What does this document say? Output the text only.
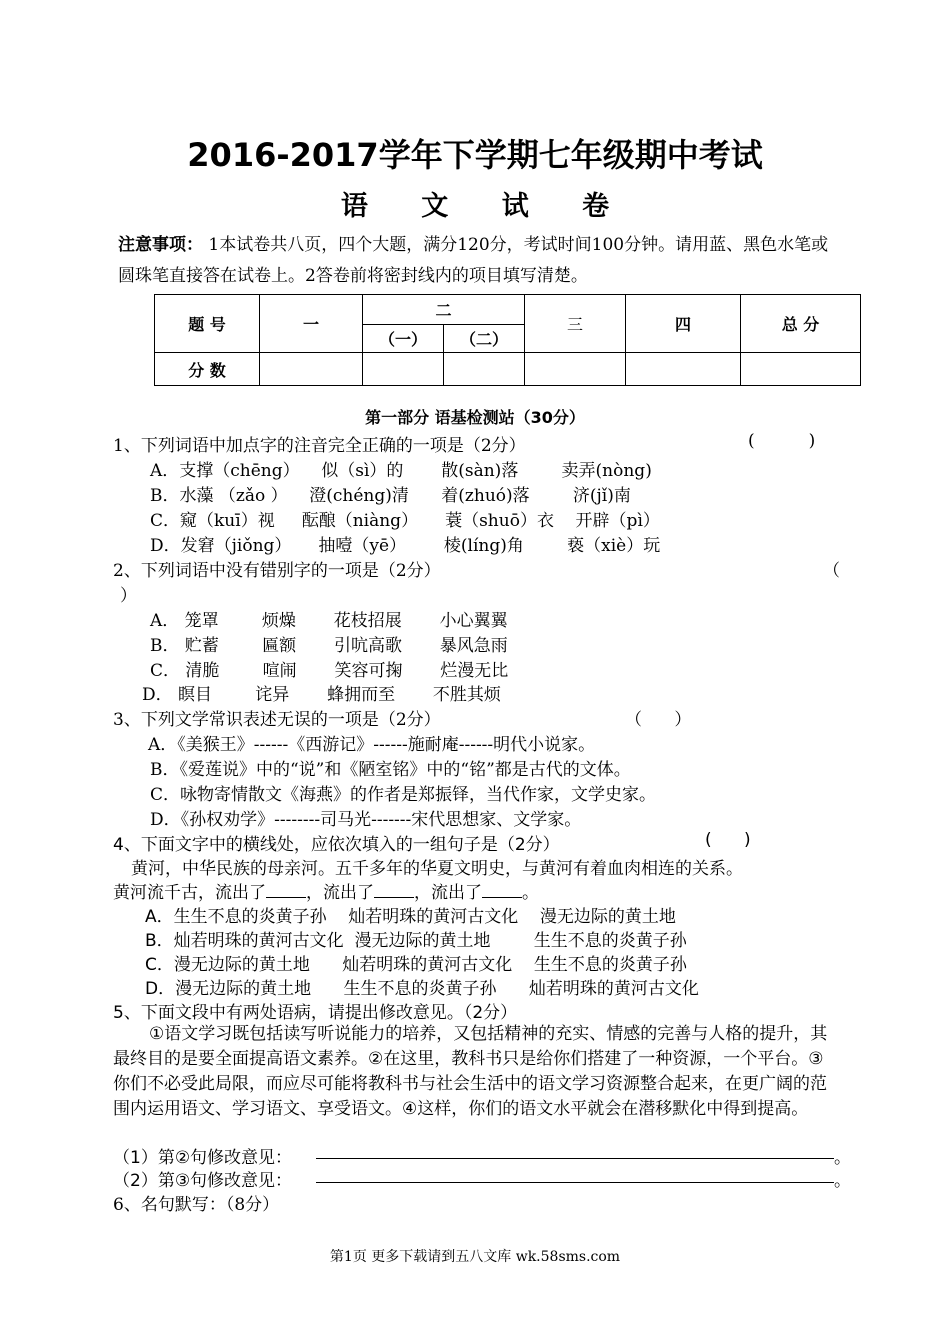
2016-2017学年下学期七年级期中考试
语 文 试 卷
注意事项： 1本试卷共八页，四个大题，满分120分，考试时间100分钟。请用蓝、黑色水笔或圆珠笔直接答在试卷上。2答卷前将密封线内的项目填写清楚。
题 号	一	二		三	四	总 分
		（一）	（二）			
分 数						
第一部分 语基检测站（30分）
1、下列词语中加点字的注音完全正确的一项是（2分）	(          )
A．支撑（chēng）    似（sì）的       散(sàn)落        卖弄(nòng)
B．水藻 （zǎo ）    澄(chéng)清      着(zhuó)落        济(jǐ)南
C．窥（kuī）视     酝酿（niàng）     蓑（shuō）衣    开辟（pì）
D．发窘（jiǒng）     抽噎（yē）       棱(líng)角        亵（xiè）玩
2、下列词语中没有错别字的一项是（2分）	（
）
A． 笼罩        烦燥       花枝招展       小心翼翼
B． 贮蓄        匾额       引吭高歌       暴风急雨
C． 清脆        喧闹       笑容可掬       烂漫无比
D． 瞑目        诧异       蜂拥而至       不胜其烦
3、下列文学常识表述无误的一项是（2分）	（      ）
A．《美猴王》------《西游记》------施耐庵------明代小说家。
B．《爱莲说》中的“说”和《陋室铭》中的“铭”都是古代的文体。
C．咏物寄情散文《海燕》的作者是郑振铎，当代作家，文学史家。
D．《孙权劝学》--------司马光-------宋代思想家、文学家。
4、下面文字中的横线处，应依次填入的一组句子是（2分）	(      )
黄河，中华民族的母亲河。五千多年的华夏文明史，与黄河有着血肉相连的关系。
黄河流千古，流出了 ，流出了 ，流出了 。
A．生生不息的炎黄子孙    灿若明珠的黄河古文化    漫无边际的黄土地
B．灿若明珠的黄河古文化  漫无边际的黄土地        生生不息的炎黄子孙
C．漫无边际的黄土地      灿若明珠的黄河古文化    生生不息的炎黄子孙
D．漫无边际的黄土地      生生不息的炎黄子孙      灿若明珠的黄河古文化
5、下面文段中有两处语病，请提出修改意见。（2分）
①语文学习既包括读写听说能力的培养，又包括精神的充实、情感的完善与人格的提升，其最终目的是要全面提高语文素养。②在这里，教科书只是给你们搭建了一种资源，一个平台。③你们不必受此局限，而应尽可能将教科书与社会生活中的语文学习资源整合起来，在更广阔的范围内运用语文、学习语文、享受语文。④这样，你们的语文水平就会在潜移默化中得到提高。
（1）第②句修改意见：	。
（2）第③句修改意见：	。
6、名句默写：（8分）
第1页 更多下载请到五八文库 wk.58sms.com
